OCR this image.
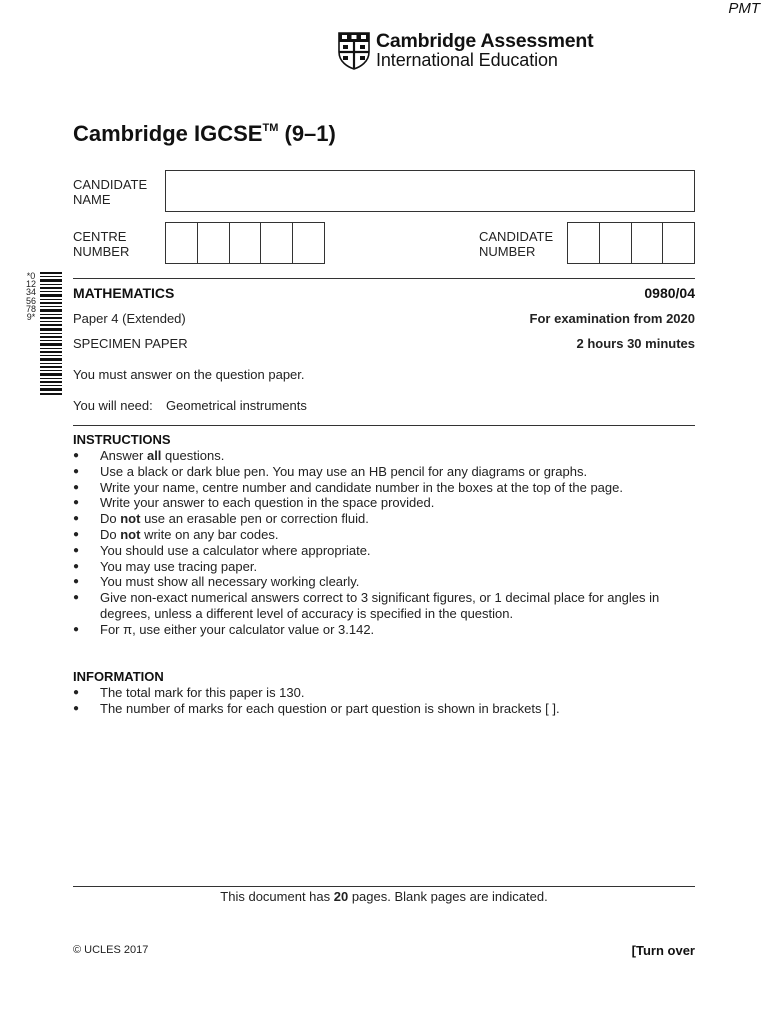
PMT
Cambridge Assessment
International Education
Cambridge IGCSE™ (9–1)
CANDIDATE
NAME
CENTRE
NUMBER
CANDIDATE
NUMBER
*0123456789*
MATHEMATICS	0980/04
Paper 4 (Extended)	For examination from 2020
SPECIMEN PAPER	2 hours 30 minutes
You must answer on the question paper.
You will need: Geometrical instruments
INSTRUCTIONS
● Answer all questions.
● Use a black or dark blue pen. You may use an HB pencil for any diagrams or graphs.
● Write your name, centre number and candidate number in the boxes at the top of the page.
● Write your answer to each question in the space provided.
● Do not use an erasable pen or correction fluid.
● Do not write on any bar codes.
● You should use a calculator where appropriate.
● You may use tracing paper.
● You must show all necessary working clearly.
● Give non-exact numerical answers correct to 3 significant figures, or 1 decimal place for angles in degrees, unless a different level of accuracy is specified in the question.
● For π, use either your calculator value or 3.142.
INFORMATION
● The total mark for this paper is 130.
● The number of marks for each question or part question is shown in brackets [ ].
This document has 20 pages. Blank pages are indicated.
© UCLES 2017	[Turn over
